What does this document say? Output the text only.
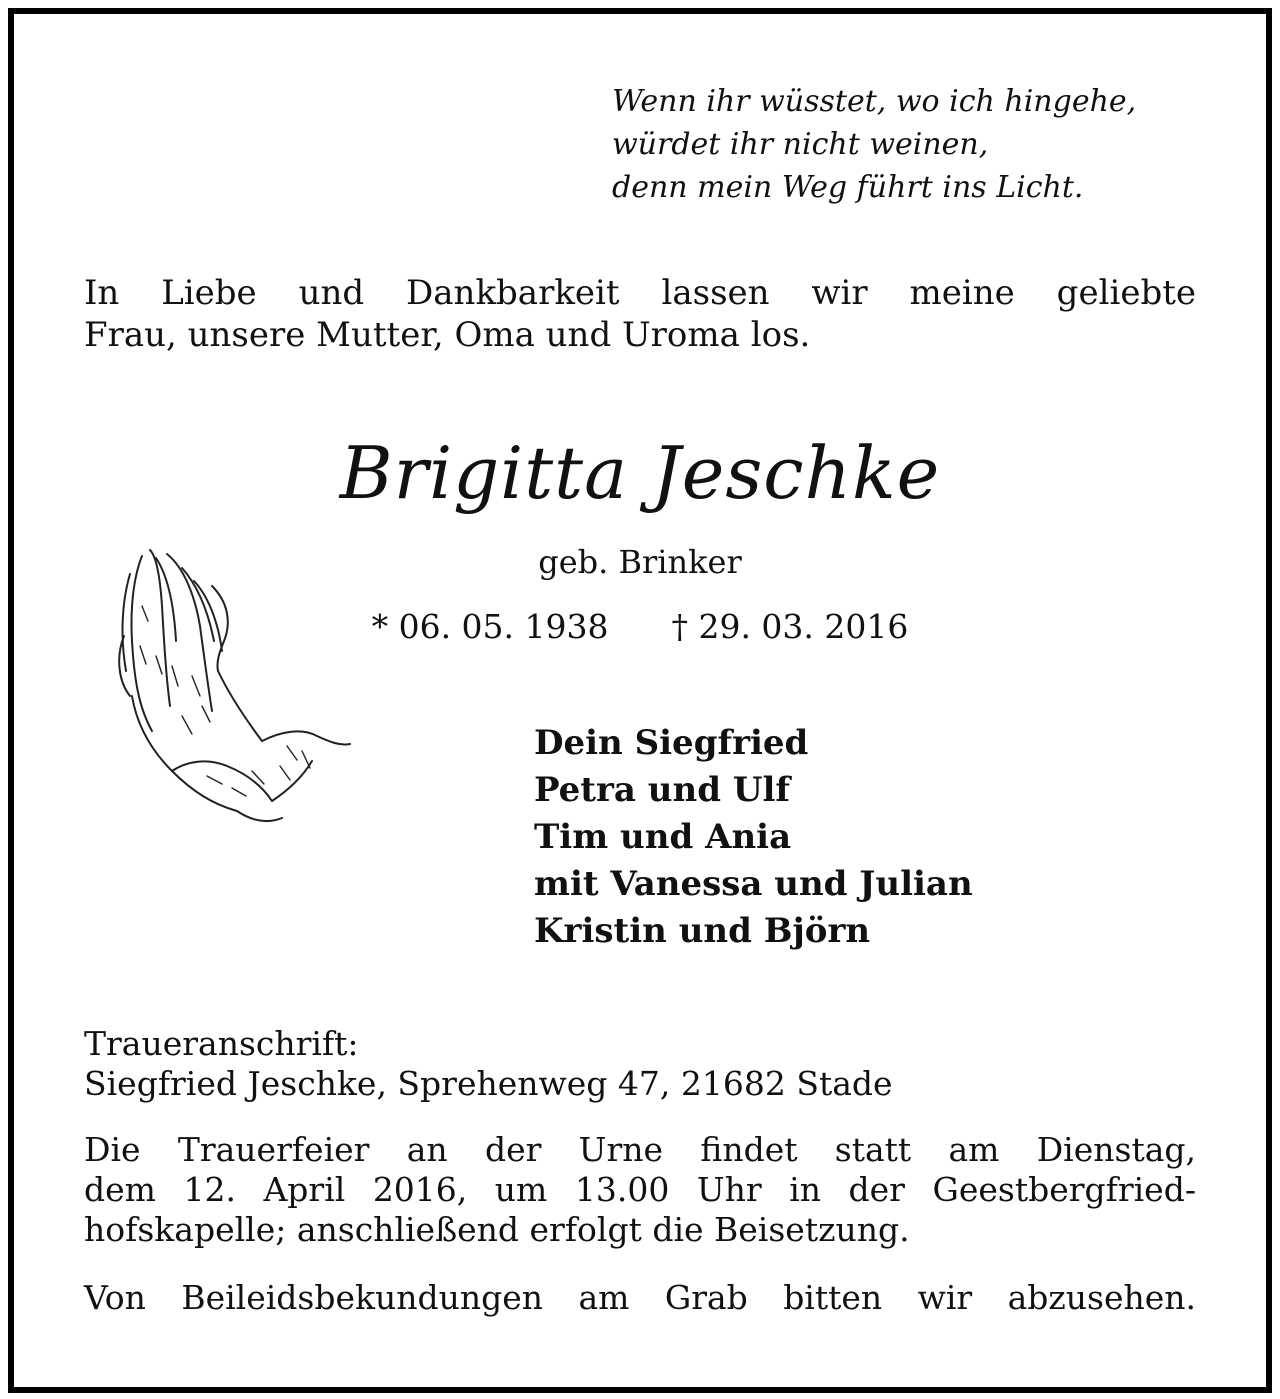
Wenn ihr wüsstet, wo ich hingehe,
würdet ihr nicht weinen,
denn mein Weg führt ins Licht.
In Liebe und Dankbarkeit lassen wir meine geliebte
Frau, unsere Mutter, Oma und Uroma los.
Brigitta Jeschke
geb. Brinker
* 06. 05. 1938 † 29. 03. 2016
Dein Siegfried
Petra und Ulf
Tim und Ania
mit Vanessa und Julian
Kristin und Björn
Traueranschrift:
Siegfried Jeschke, Sprehenweg 47, 21682 Stade
Die Trauerfeier an der Urne findet statt am Dienstag,
dem 12. April 2016, um 13.00 Uhr in der Geestbergfried-
hofskapelle; anschließend erfolgt die Beisetzung.
Von Beileidsbekundungen am Grab bitten wir abzusehen.
